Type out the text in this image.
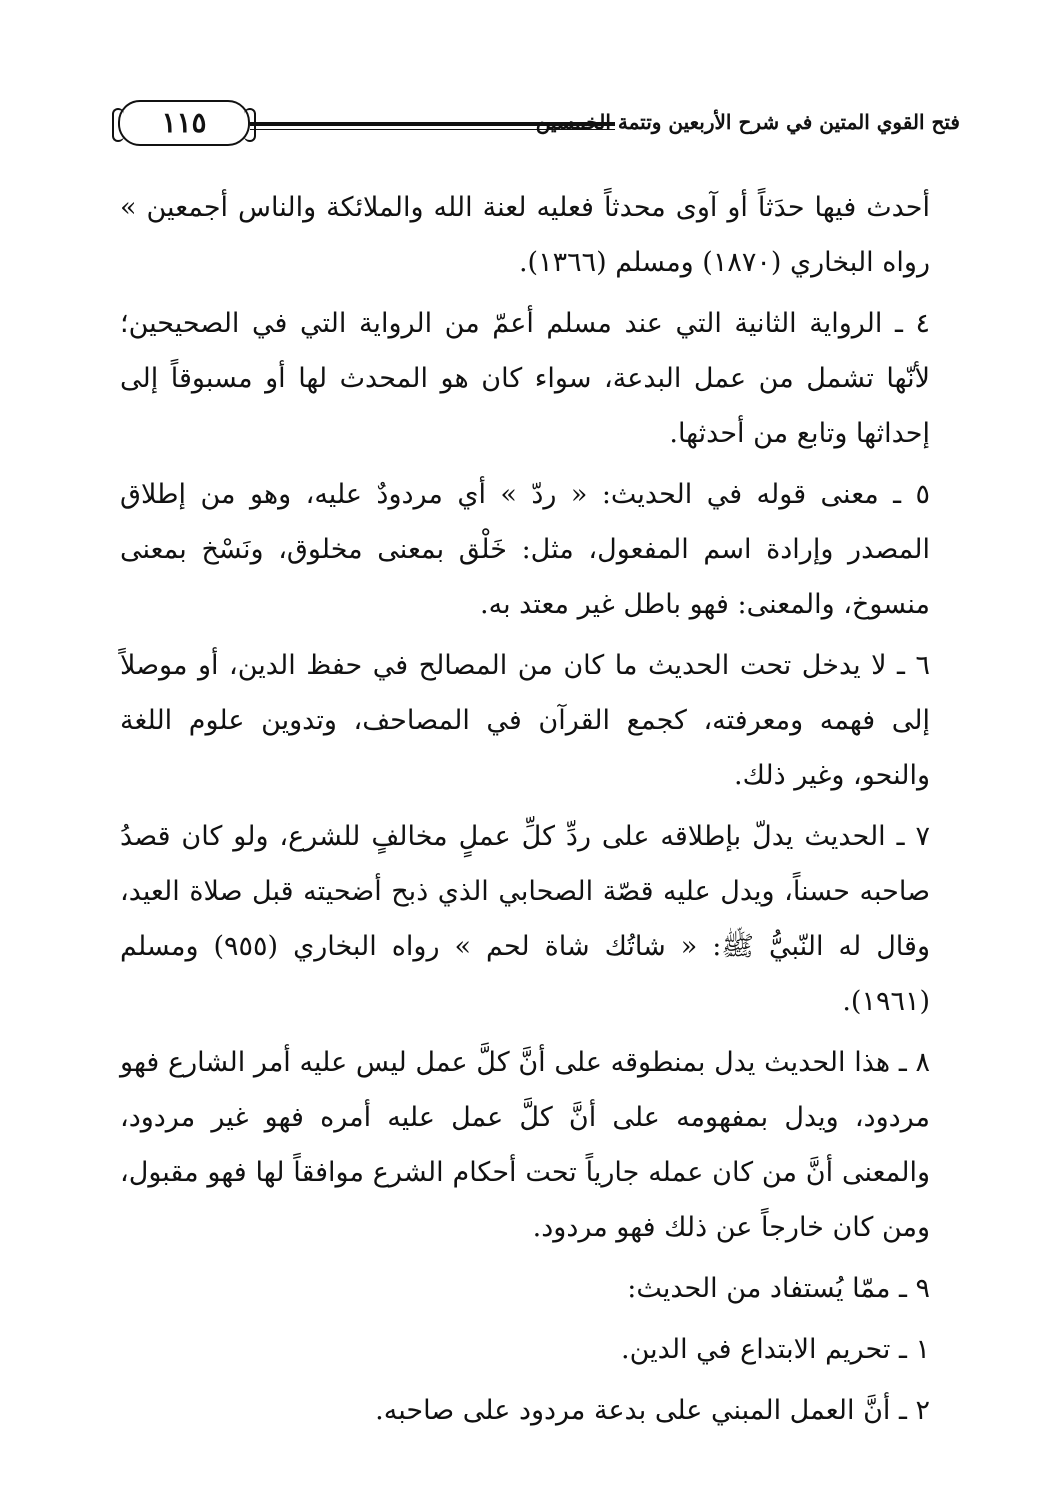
فتح القوي المتين في شرح الأربعين وتتمة الخمسين
١١٥

أحدث فيها حدَثاً أو آوى محدثاً فعليه لعنة الله والملائكة والناس أجمعين » رواه البخاري (١٨٧٠) ومسلم (١٣٦٦).

٤ ـ الرواية الثانية التي عند مسلم أعمّ من الرواية التي في الصحيحين؛ لأنّها تشمل من عمل البدعة، سواء كان هو المحدث لها أو مسبوقاً إلى إحداثها وتابع من أحدثها.

٥ ـ معنى قوله في الحديث: « ردّ » أي مردودٌ عليه، وهو من إطلاق المصدر وإرادة اسم المفعول، مثل: خَلْق بمعنى مخلوق، ونَسْخ بمعنى منسوخ، والمعنى: فهو باطل غير معتد به.

٦ ـ لا يدخل تحت الحديث ما كان من المصالح في حفظ الدين، أو موصلاً إلى فهمه ومعرفته، كجمع القرآن في المصاحف، وتدوين علوم اللغة والنحو، وغير ذلك.

٧ ـ الحديث يدلّ بإطلاقه على ردِّ كلِّ عملٍ مخالفٍ للشرع، ولو كان قصدُ صاحبه حسناً، ويدل عليه قصّة الصحابي الذي ذبح أضحيته قبل صلاة العيد، وقال له النّبيُّ ﷺ: « شاتُك شاة لحم » رواه البخاري (٩٥٥) ومسلم (١٩٦١).

٨ ـ هذا الحديث يدل بمنطوقه على أنَّ كلَّ عمل ليس عليه أمر الشارع فهو مردود، ويدل بمفهومه على أنَّ كلَّ عمل عليه أمره فهو غير مردود، والمعنى أنَّ من كان عمله جارياً تحت أحكام الشرع موافقاً لها فهو مقبول، ومن كان خارجاً عن ذلك فهو مردود.

٩ ـ ممّا يُستفاد من الحديث:

١ ـ تحريم الابتداع في الدين.

٢ ـ أنَّ العمل المبني على بدعة مردود على صاحبه.
